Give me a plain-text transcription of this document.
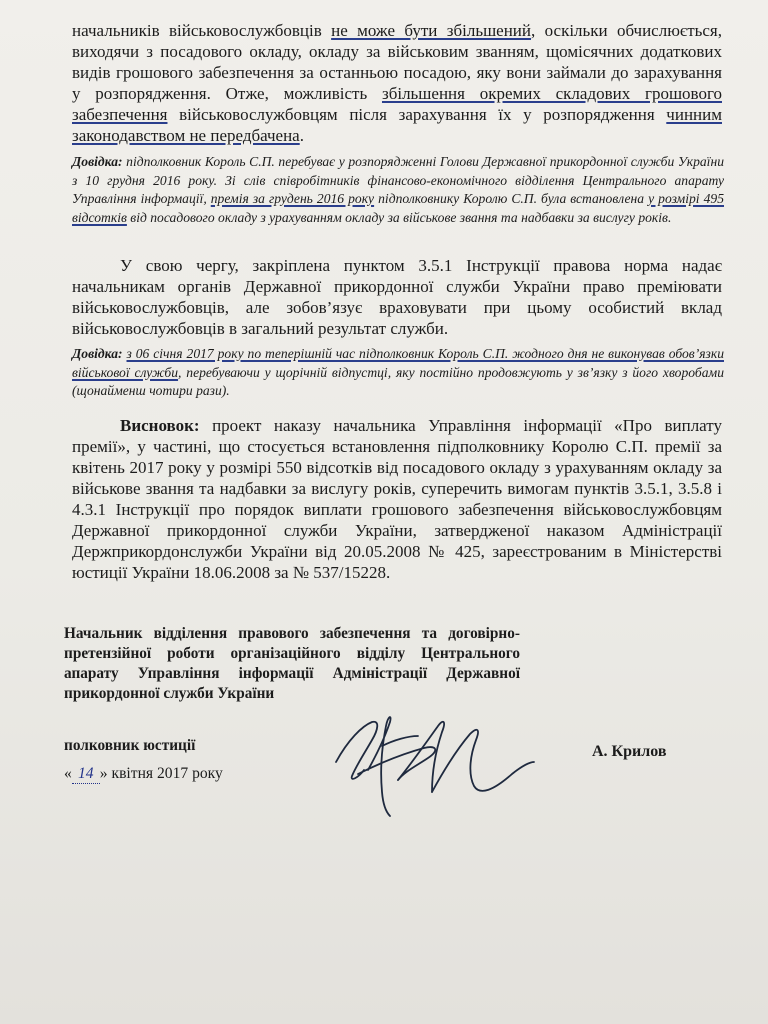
начальників військовослужбовців не може бути збільшений, оскільки обчислюється, виходячи з посадового окладу, окладу за військовим званням, щомісячних додаткових видів грошового забезпечення за останньою посадою, яку вони займали до зарахування у розпорядження. Отже, можливість збільшення окремих складових грошового забезпечення військовослужбовцям після зарахування їх у розпорядження чинним законодавством не передбачена.

Довідка: підполковник Король С.П. перебуває у розпорядженні Голови Державної прикордонної служби України з 10 грудня 2016 року. Зі слів співробітників фінансово-економічного відділення Центрального апарату Управління інформації, премія за грудень 2016 року підполковнику Королю С.П. була встановлена у розмірі 495 відсотків від посадового окладу з урахуванням окладу за військове звання та надбавки за вислугу років.

У свою чергу, закріплена пунктом 3.5.1 Інструкції правова норма надає начальникам органів Державної прикордонної служби України право преміювати військовослужбовців, але зобов’язує враховувати при цьому особистий вклад військовослужбовців в загальний результат служби.

Довідка: з 06 січня 2017 року по теперішній час підполковник Король С.П. жодного дня не виконував обов’язки військової служби, перебуваючи у щорічній відпустці, яку постійно продовжують у зв’язку з його хворобами (щонайменш чотири рази).

Висновок: проект наказу начальника Управління інформації «Про виплату премії», у частині, що стосується встановлення підполковнику Королю С.П. премії за квітень 2017 року у розмірі 550 відсотків від посадового окладу з урахуванням окладу за військове звання та надбавки за вислугу років, суперечить вимогам пунктів 3.5.1, 3.5.8 і 4.3.1 Інструкції про порядок виплати грошового забезпечення військовослужбовцям Державної прикордонної служби України, затвердженої наказом Адміністрації Держприкордонслужби України від 20.05.2008 № 425, зареєстрованим в Міністерстві юстиції України 18.06.2008 за № 537/15228.

Начальник відділення правового забезпечення та договірно-претензійної роботи організаційного відділу Центрального апарату Управління інформації Адміністрації Державної прикордонної служби України

полковник юстиції
« 14 » квітня 2017 року
А. Крилов
